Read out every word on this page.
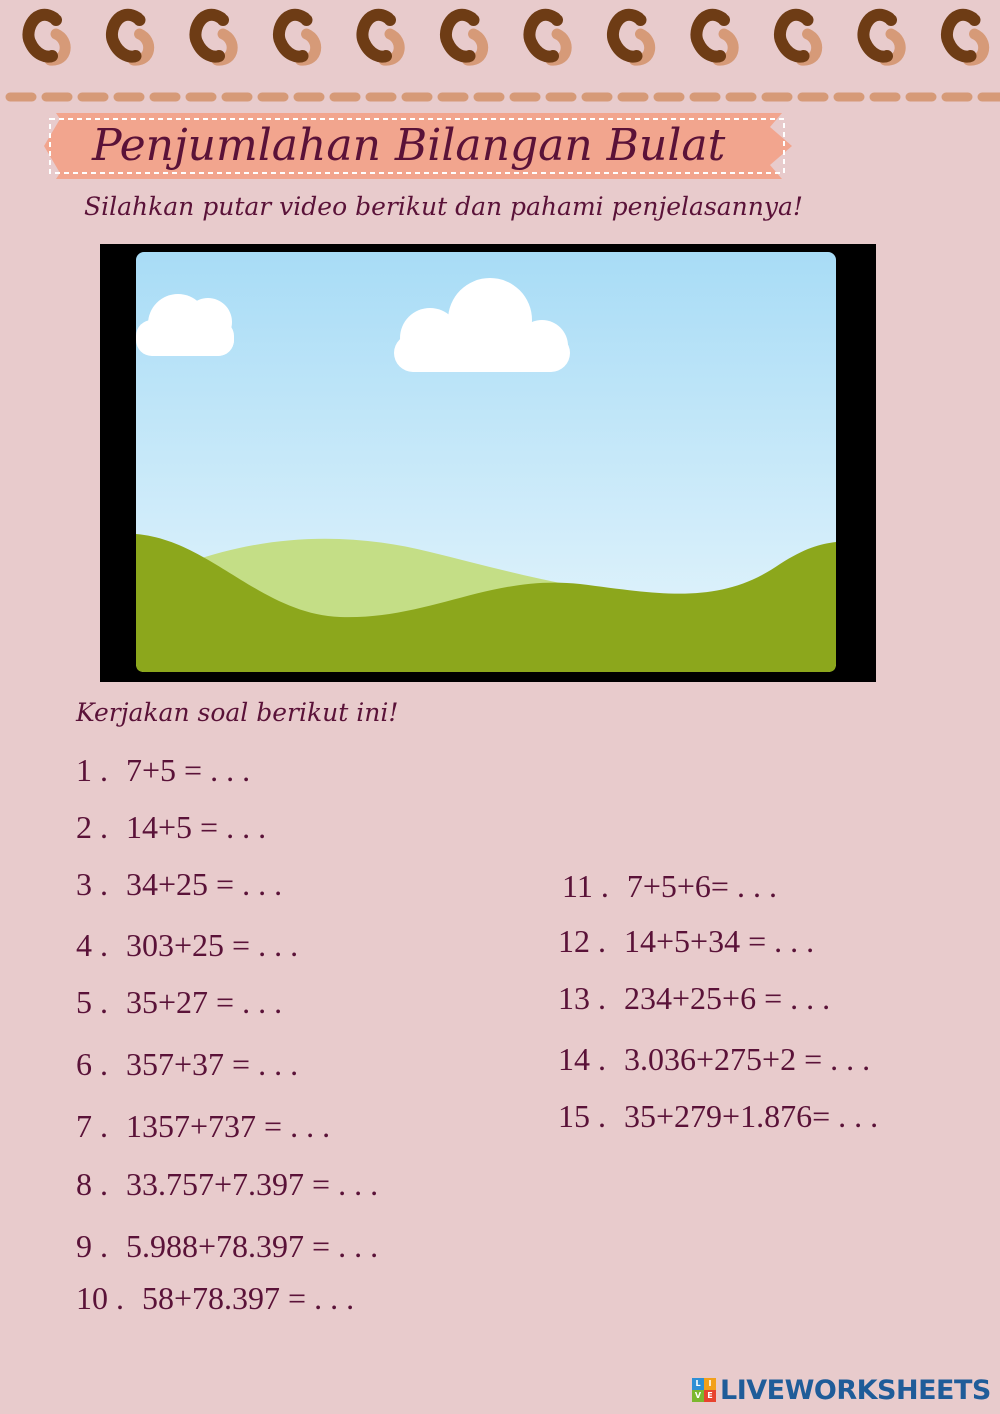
Penjumlahan Bilangan Bulat
Silahkan putar video berikut dan pahami penjelasannya!
Kerjakan soal berikut ini!
1 . 7+5 = . . .
2 . 14+5 = . . .
3 . 34+25 = . . .
4 . 303+25 = . . .
5 . 35+27 = . . .
6 . 357+37 = . . .
7 . 1357+737 = . . .
8 . 33.757+7.397 = . . .
9 . 5.988+78.397 = . . .
10 . 58+78.397 = . . .
11 . 7+5+6= . . .
12 . 14+5+34 = . . .
13 . 234+25+6 = . . .
14 . 3.036+275+2 = . . .
15 . 35+279+1.876= . . .
L I
V E LIVEWORKSHEETS
